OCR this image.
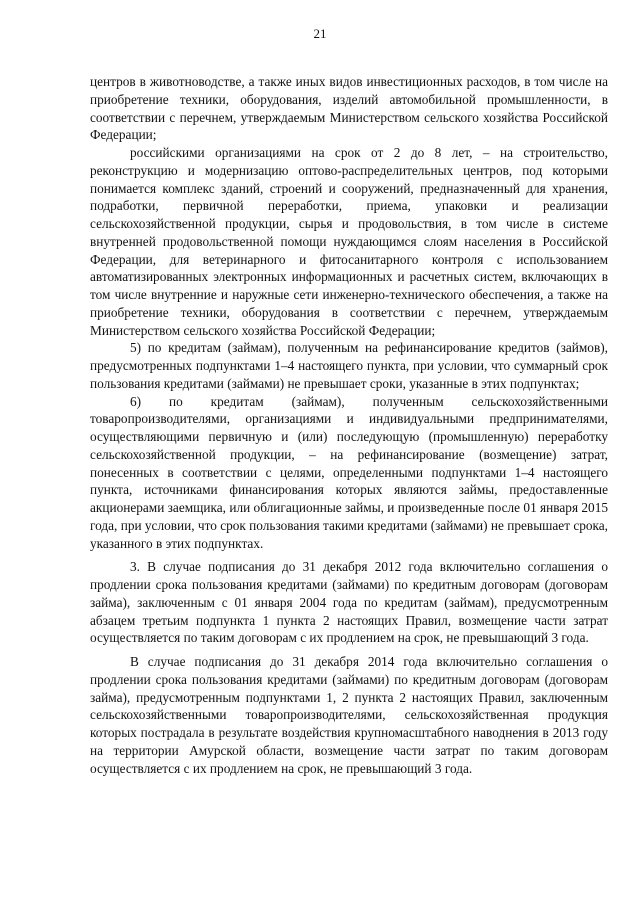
21

центров в животноводстве, а также иных видов инвестиционных расходов, в том числе на приобретение техники, оборудования, изделий автомобильной промышленности, в соответствии с перечнем, утверждаемым Министерством сельского хозяйства Российской Федерации;

российскими организациями на срок от 2 до 8 лет, – на строительство, реконструкцию и модернизацию оптово-распределительных центров, под которыми понимается комплекс зданий, строений и сооружений, предназначенный для хранения, подработки, первичной переработки, приема, упаковки и реализации сельскохозяйственной продукции, сырья и продовольствия, в том числе в системе внутренней продовольственной помощи нуждающимся слоям населения в Российской Федерации, для ветеринарного и фитосанитарного контроля с использованием автоматизированных электронных информационных и расчетных систем, включающих в том числе внутренние и наружные сети инженерно-технического обеспечения, а также на приобретение техники, оборудования в соответствии с перечнем, утверждаемым Министерством сельского хозяйства Российской Федерации;

5) по кредитам (займам), полученным на рефинансирование кредитов (займов), предусмотренных подпунктами 1–4 настоящего пункта, при условии, что суммарный срок пользования кредитами (займами) не превышает сроки, указанные в этих подпунктах;

6) по кредитам (займам), полученным сельскохозяйственными товаропроизводителями, организациями и индивидуальными предпринимателями, осуществляющими первичную и (или) последующую (промышленную) переработку сельскохозяйственной продукции, – на рефинансирование (возмещение) затрат, понесенных в соответствии с целями, определенными подпунктами 1–4 настоящего пункта, источниками финансирования которых являются займы, предоставленные акционерами заемщика, или облигационные займы, и произведенные после 01 января 2015 года, при условии, что срок пользования такими кредитами (займами) не превышает срока, указанного в этих подпунктах.

3. В случае подписания до 31 декабря 2012 года включительно соглашения о продлении срока пользования кредитами (займами) по кредитным договорам (договорам займа), заключенным с 01 января 2004 года по кредитам (займам), предусмотренным абзацем третьим подпункта 1 пункта 2 настоящих Правил, возмещение части затрат осуществляется по таким договорам с их продлением на срок, не превышающий 3 года.

В случае подписания до 31 декабря 2014 года включительно соглашения о продлении срока пользования кредитами (займами) по кредитным договорам (договорам займа), предусмотренным подпунктами 1, 2 пункта 2 настоящих Правил, заключенным сельскохозяйственными товаропроизводителями, сельскохозяйственная продукция которых пострадала в результате воздействия крупномасштабного наводнения в 2013 году на территории Амурской области, возмещение части затрат по таким договорам осуществляется с их продлением на срок, не превышающий 3 года.
